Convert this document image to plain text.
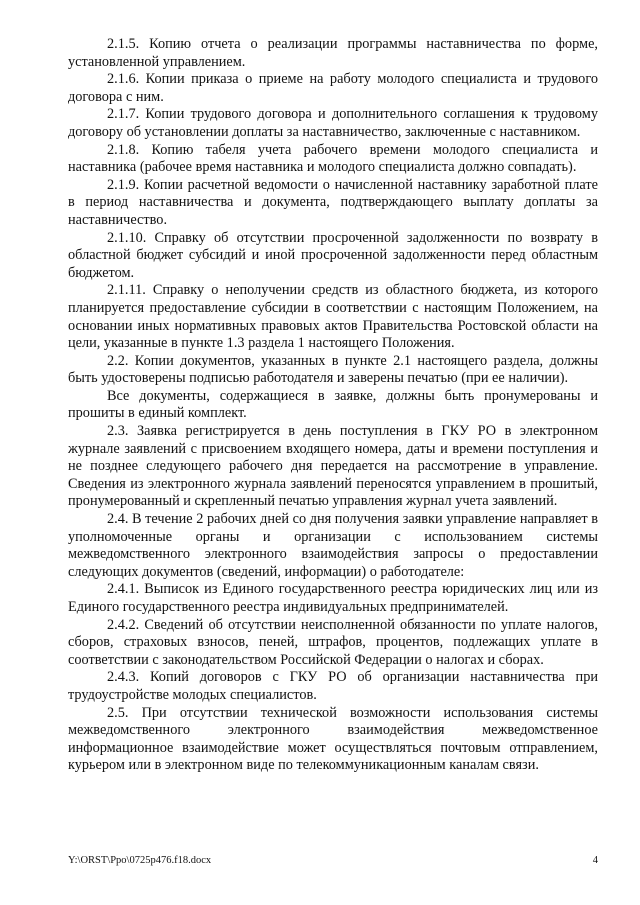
2.1.5. Копию отчета о реализации программы наставничества по форме, установленной управлением.

2.1.6. Копии приказа о приеме на работу молодого специалиста и трудового договора с ним.

2.1.7. Копии трудового договора и дополнительного соглашения к трудовому договору об установлении доплаты за наставничество, заключенные с наставником.

2.1.8. Копию табеля учета рабочего времени молодого специалиста и наставника (рабочее время наставника и молодого специалиста должно совпадать).

2.1.9. Копии расчетной ведомости о начисленной наставнику заработной плате в период наставничества и документа, подтверждающего выплату доплаты за наставничество.

2.1.10. Справку об отсутствии просроченной задолженности по возврату в областной бюджет субсидий и иной просроченной задолженности перед областным бюджетом.

2.1.11. Справку о неполучении средств из областного бюджета, из которого планируется предоставление субсидии в соответствии с настоящим Положением, на основании иных нормативных правовых актов Правительства Ростовской области на цели, указанные в пункте 1.3 раздела 1 настоящего Положения.

2.2. Копии документов, указанных в пункте 2.1 настоящего раздела, должны быть удостоверены подписью работодателя и заверены печатью (при ее наличии).

Все документы, содержащиеся в заявке, должны быть пронумерованы и прошиты в единый комплект.

2.3. Заявка регистрируется в день поступления в ГКУ РО в электронном журнале заявлений с присвоением входящего номера, даты и времени поступления и не позднее следующего рабочего дня передается на рассмотрение в управление. Сведения из электронного журнала заявлений переносятся управлением в прошитый, пронумерованный и скрепленный печатью управления журнал учета заявлений.

2.4. В течение 2 рабочих дней со дня получения заявки управление направляет в уполномоченные органы и организации с использованием системы межведомственного электронного взаимодействия запросы о предоставлении следующих документов (сведений, информации) о работодателе:

2.4.1. Выписок из Единого государственного реестра юридических лиц или из Единого государственного реестра индивидуальных предпринимателей.

2.4.2. Сведений об отсутствии неисполненной обязанности по уплате налогов, сборов, страховых взносов, пеней, штрафов, процентов, подлежащих уплате в соответствии с законодательством Российской Федерации о налогах и сборах.

2.4.3. Копий договоров с ГКУ РО об организации наставничества при трудоустройстве молодых специалистов.

2.5. При отсутствии технической возможности использования системы межведомственного электронного взаимодействия межведомственное информационное взаимодействие может осуществляться почтовым отправлением, курьером или в электронном виде по телекоммуникационным каналам связи.

Y:\ORST\Ppo\0725p476.f18.docx	4
